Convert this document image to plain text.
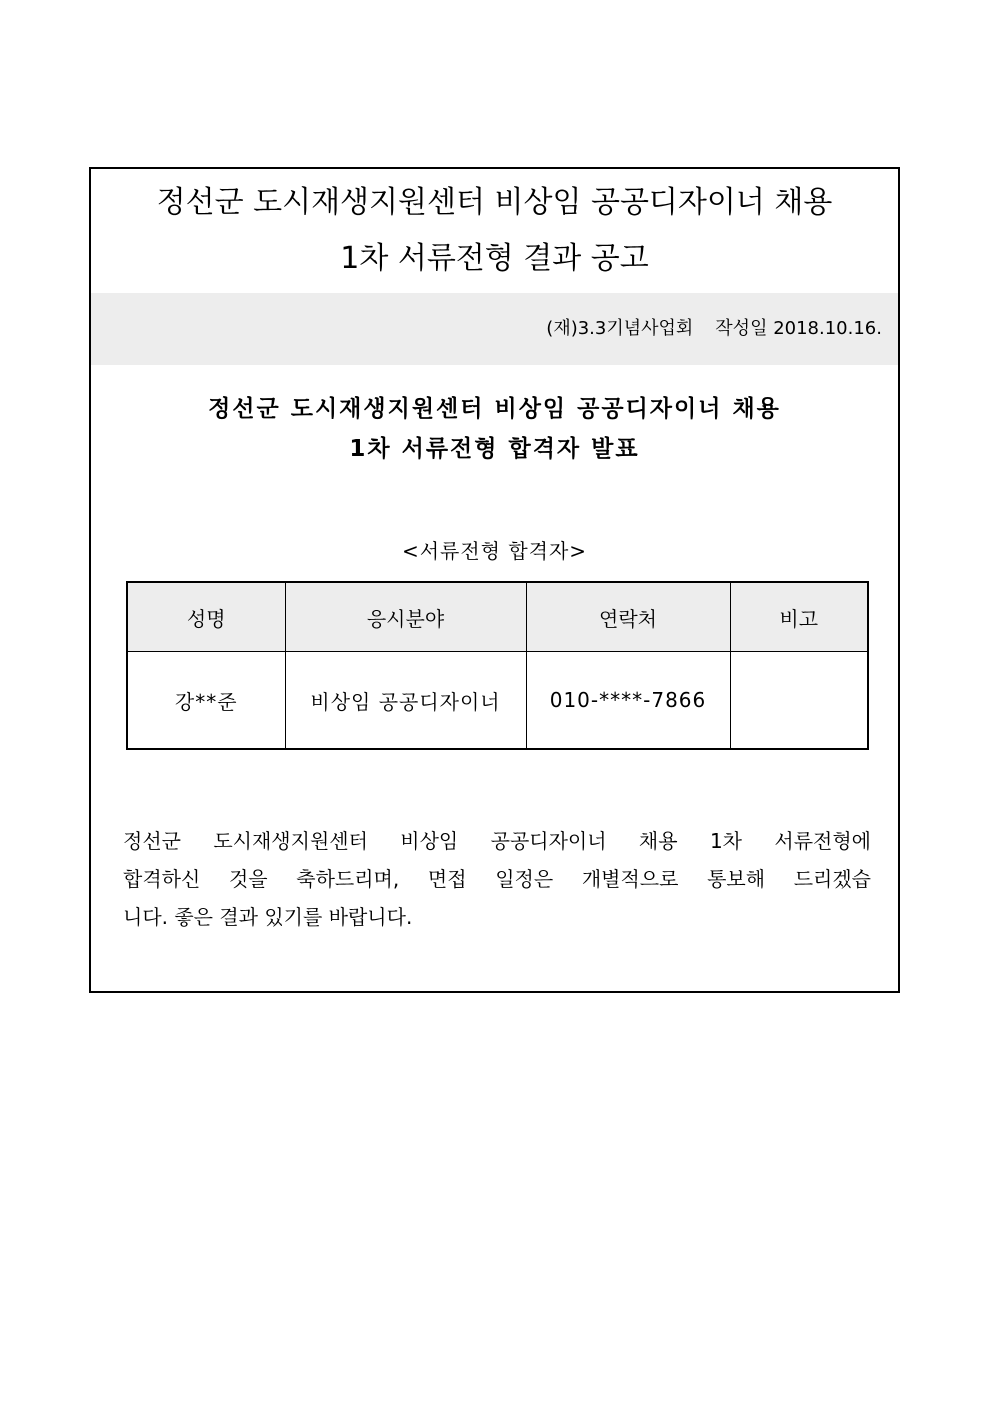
정선군 도시재생지원센터 비상임 공공디자이너 채용
1차 서류전형 결과 공고
(재)3.3기념사업회 작성일 2018.10.16.
정선군 도시재생지원센터 비상임 공공디자이너 채용
1차 서류전형 합격자 발표
<서류전형 합격자>
성명	응시분야	연락처	비고
강**준	비상임 공공디자이너	010-****-7866	
정선군 도시재생지원센터 비상임 공공디자이너 채용 1차 서류전형에
합격하신 것을 축하드리며, 면접 일정은 개별적으로 통보해 드리겠습
니다. 좋은 결과 있기를 바랍니다.
